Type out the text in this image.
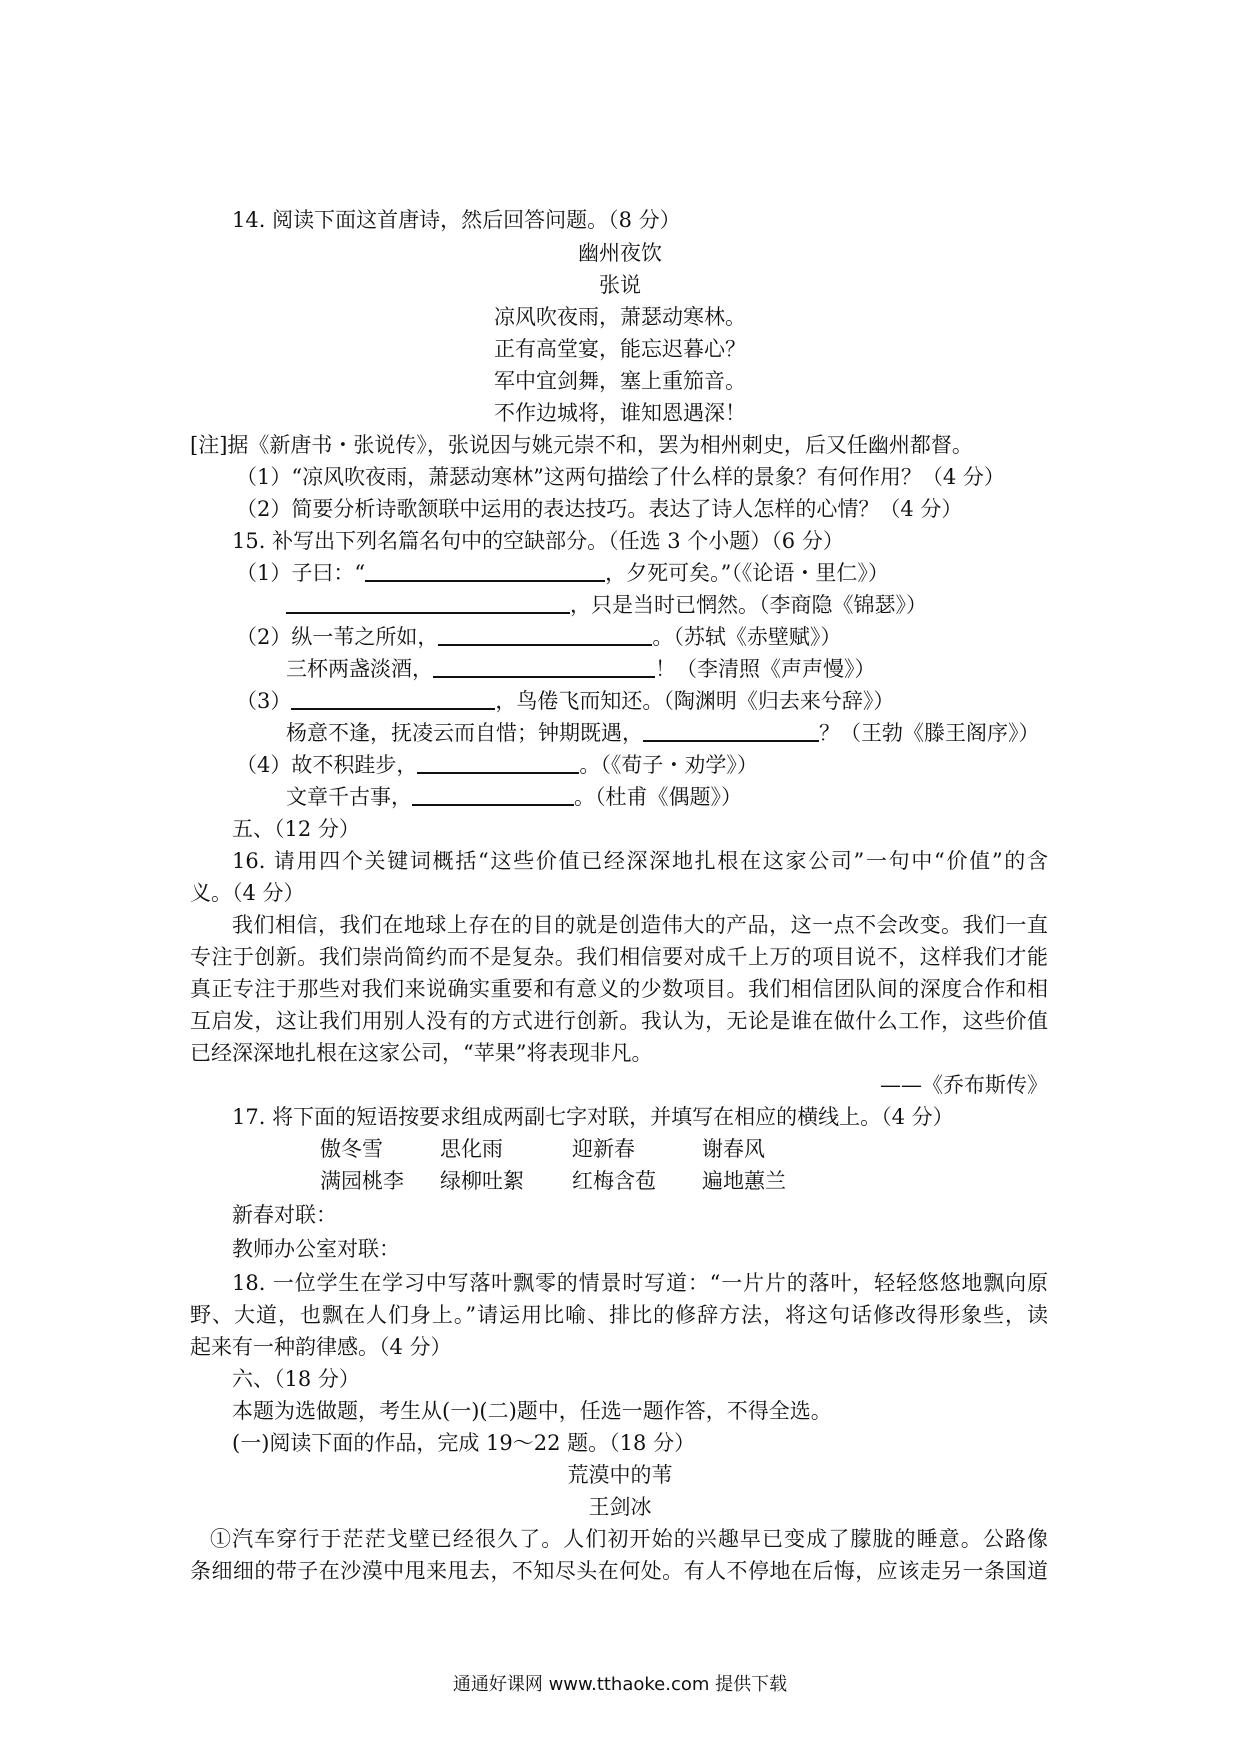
14. 阅读下面这首唐诗，然后回答问题。（8 分）
幽州夜饮
张说
凉风吹夜雨，萧瑟动寒林。
正有高堂宴，能忘迟暮心？
军中宜剑舞，塞上重笳音。
不作边城将，谁知恩遇深！
[注]据《新唐书・张说传》，张说因与姚元崇不和，罢为相州刺史，后又任幽州都督。
（1）“凉风吹夜雨，萧瑟动寒林”这两句描绘了什么样的景象？有何作用？（4 分）
（2）简要分析诗歌颔联中运用的表达技巧。表达了诗人怎样的心情？（4 分）
15. 补写出下列名篇名句中的空缺部分。（任选 3 个小题）（6 分）
（1）子曰：“	，夕死可矣。”（《论语・里仁》）
，只是当时已惘然。（李商隐《锦瑟》）
（2）纵一苇之所如，	。（苏轼《赤壁赋》）
三杯两盏淡酒，	！（李清照《声声慢》）
（3）	，鸟倦飞而知还。（陶渊明《归去来兮辞》）
杨意不逢，抚凌云而自惜；钟期既遇，	？（王勃《滕王阁序》）
（4）故不积跬步，	。（《荀子・劝学》）
文章千古事，	。（杜甫《偶题》）
五、（12 分）
16. 请用四个关键词概括“这些价值已经深深地扎根在这家公司”一句中“价值”的含
义。（4 分）
我们相信，我们在地球上存在的目的就是创造伟大的产品，这一点不会改变。我们一直
专注于创新。我们崇尚简约而不是复杂。我们相信要对成千上万的项目说不，这样我们才能
真正专注于那些对我们来说确实重要和有意义的少数项目。我们相信团队间的深度合作和相
互启发，这让我们用别人没有的方式进行创新。我认为，无论是谁在做什么工作，这些价值
已经深深地扎根在这家公司，“苹果”将表现非凡。
——《乔布斯传》
17. 将下面的短语按要求组成两副七字对联，并填写在相应的横线上。（4 分）
傲冬雪	思化雨	迎新春	谢春风
满园桃李 绿柳吐絮 红梅含苞 遍地蕙兰
新春对联：
教师办公室对联：
18. 一位学生在学习中写落叶飘零的情景时写道：“一片片的落叶，轻轻悠悠地飘向原
野、大道，也飘在人们身上。”请运用比喻、排比的修辞方法，将这句话修改得形象些，读
起来有一种韵律感。（4 分）
六、（18 分）
本题为选做题，考生从(一)(二)题中，任选一题作答，不得全选。
(一)阅读下面的作品，完成 19～22 题。（18 分）
荒漠中的苇
王剑冰
①汽车穿行于茫茫戈壁已经很久了。人们初开始的兴趣早已变成了朦胧的睡意。公路像
条细细的带子在沙漠中甩来甩去，不知尽头在何处。有人不停地在后悔，应该走另一条国道
通通好课网 www.tthaoke.com 提供下载
